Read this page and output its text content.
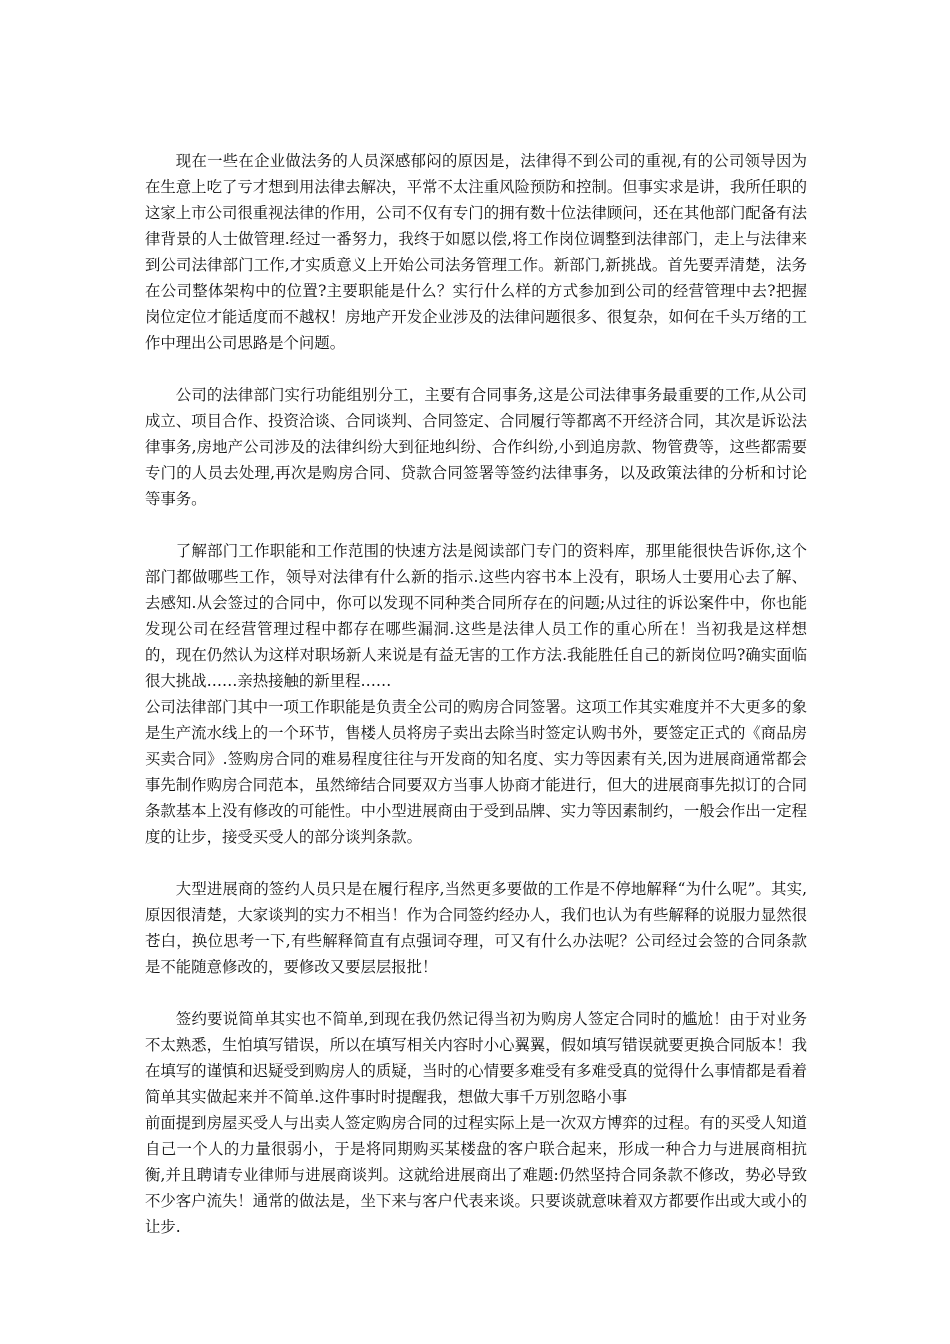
现在一些在企业做法务的人员深感郁闷的原因是，法律得不到公司的重视,有的公司领导因为在生意上吃了亏才想到用法律去解决，平常不太注重风险预防和控制。但事实求是讲，我所任职的这家上市公司很重视法律的作用，公司不仅有专门的拥有数十位法律顾问，还在其他部门配备有法律背景的人士做管理.经过一番努力，我终于如愿以偿,将工作岗位调整到法律部门，走上与法律来到公司法律部门工作,才实质意义上开始公司法务管理工作。新部门,新挑战。首先要弄清楚，法务在公司整体架构中的位置?主要职能是什么？实行什么样的方式参加到公司的经营管理中去?把握岗位定位才能适度而不越权！房地产开发企业涉及的法律问题很多、很复杂，如何在千头万绪的工作中理出公司思路是个问题。

公司的法律部门实行功能组别分工，主要有合同事务,这是公司法律事务最重要的工作,从公司成立、项目合作、投资洽谈、合同谈判、合同签定、合同履行等都离不开经济合同，其次是诉讼法律事务,房地产公司涉及的法律纠纷大到征地纠纷、合作纠纷,小到追房款、物管费等，这些都需要专门的人员去处理,再次是购房合同、贷款合同签署等签约法律事务，以及政策法律的分析和讨论等事务。

了解部门工作职能和工作范围的快速方法是阅读部门专门的资料库，那里能很快告诉你,这个部门都做哪些工作，领导对法律有什么新的指示.这些内容书本上没有，职场人士要用心去了解、去感知.从会签过的合同中，你可以发现不同种类合同所存在的问题;从过往的诉讼案件中，你也能发现公司在经营管理过程中都存在哪些漏洞.这些是法律人员工作的重心所在！当初我是这样想的，现在仍然认为这样对职场新人来说是有益无害的工作方法.我能胜任自己的新岗位吗?确实面临很大挑战……亲热接触的新里程……

公司法律部门其中一项工作职能是负责全公司的购房合同签署。这项工作其实难度并不大更多的象是生产流水线上的一个环节，售楼人员将房子卖出去除当时签定认购书外，要签定正式的《商品房买卖合同》.签购房合同的难易程度往往与开发商的知名度、实力等因素有关,因为进展商通常都会事先制作购房合同范本，虽然缔结合同要双方当事人协商才能进行，但大的进展商事先拟订的合同条款基本上没有修改的可能性。中小型进展商由于受到品牌、实力等因素制约，一般会作出一定程度的让步，接受买受人的部分谈判条款。

大型进展商的签约人员只是在履行程序,当然更多要做的工作是不停地解释“为什么呢”。其实,原因很清楚，大家谈判的实力不相当！作为合同签约经办人，我们也认为有些解释的说服力显然很苍白，换位思考一下,有些解释简直有点强词夺理，可又有什么办法呢？公司经过会签的合同条款是不能随意修改的，要修改又要层层报批！

签约要说简单其实也不简单,到现在我仍然记得当初为购房人签定合同时的尴尬！由于对业务不太熟悉，生怕填写错误，所以在填写相关内容时小心翼翼，假如填写错误就要更换合同版本！我在填写的谨慎和迟疑受到购房人的质疑，当时的心情要多难受有多难受真的觉得什么事情都是看着简单其实做起来并不简单.这件事时时提醒我，想做大事千万别忽略小事

前面提到房屋买受人与出卖人签定购房合同的过程实际上是一次双方博弈的过程。有的买受人知道自己一个人的力量很弱小，于是将同期购买某楼盘的客户联合起来，形成一种合力与进展商相抗衡,并且聘请专业律师与进展商谈判。这就给进展商出了难题:仍然坚持合同条款不修改，势必导致不少客户流失！通常的做法是，坐下来与客户代表来谈。只要谈就意味着双方都要作出或大或小的让步.
